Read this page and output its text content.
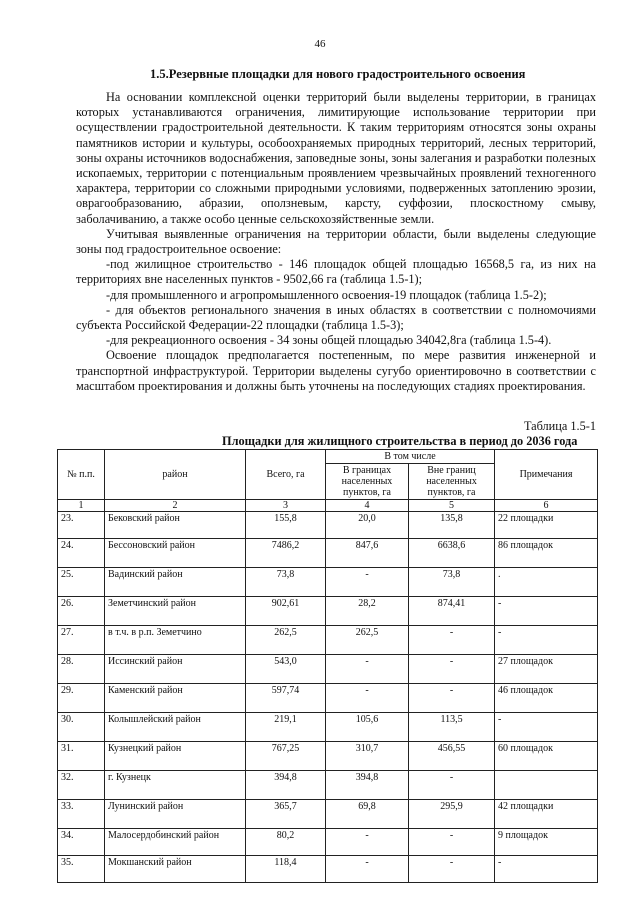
46
1.5.Резервные площадки для нового градостроительного освоения

На основании комплексной оценки территорий были выделены территории, в границах которых устанавливаются ограничения, лимитирующие использование территории при осуществлении градостроительной деятельности. К таким территориям относятся зоны охраны памятников истории и культуры, особоохраняемых природных территорий, лесных территорий, зоны охраны источников водоснабжения, заповедные зоны, зоны залегания и разработки полезных ископаемых, территории с потенциальным проявлением чрезвычайных проявлений техногенного характера, территории со сложными природными условиями, подверженных затоплению эрозии, оврагообразованию, абразии, оползневым, карсту, суффозии, плоскостному смыву, заболачиванию, а также особо ценные сельскохозяйственные земли.

Учитывая выявленные ограничения на территории области, были выделены следующие зоны под градостроительное освоение:

-под жилищное строительство - 146 площадок общей площадью 16568,5 га, из них на территориях вне населенных пунктов - 9502,66 га (таблица 1.5-1);

-для промышленного и агропромышленного освоения-19 площадок (таблица 1.5-2);

- для объектов регионального значения в иных областях в соответствии с полномочиями субъекта Российской Федерации-22 площадки (таблица 1.5-3);

-для рекреационного освоения - 34 зоны общей площадью 34042,8га (таблица 1.5-4).

Освоение площадок предполагается постепенным, по мере развития инженерной и транспортной инфраструктурой. Территории выделены сугубо ориентировочно в соответствии с масштабом проектирования и должны быть уточнены на последующих стадиях проектирования.

Таблица 1.5-1
Площадки для жилищного строительства в период до 2036 года
№ п.п.	район	Всего, га	В том числе		Примечания
			В границах населенных пунктов, га	Вне границ населенных пунктов, га	
1	2	3	4	5	6
23.	Бековский район	155,8	20,0	135,8	22 площадки
24.	Бессоновский район	7486,2	847,6	6638,6	86 площадок
25.	Вадинский район	73,8	-	73,8	.
26.	Земетчинский район	902,61	28,2	874,41	-
27.	в т.ч. в р.п. Земетчино	262,5	262,5	-	-
28.	Иссинский район	543,0	-	-	27 площадок
29.	Каменский район	597,74	-	-	46 площадок
30.	Колышлейский район	219,1	105,6	113,5	-
31.	Кузнецкий район	767,25	310,7	456,55	60 площадок
32.	г. Кузнецк	394,8	394,8	-	
33.	Лунинский район	365,7	69,8	295,9	42 площадки
34.	Малосердобинский район	80,2	-	-	9 площадок
35.	Мокшанский район	118,4	-	-	-
